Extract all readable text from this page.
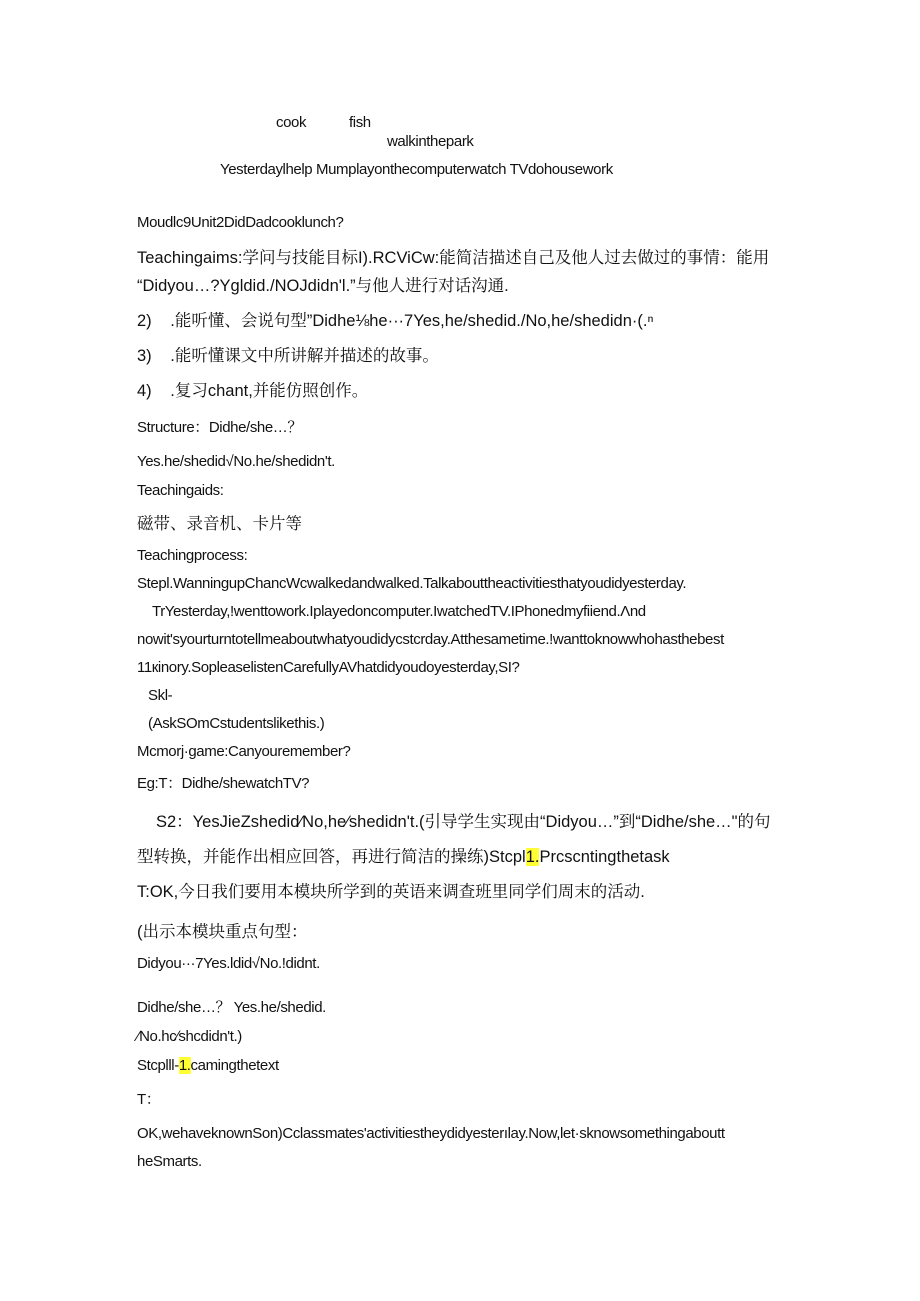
cook	fish
walkinthepark
Yesterdaylhelp Mumplayonthecomputerwatch TVdohousework
Moudlc9Unit2DidDadcooklunch?
Teachingaims:学问与技能目标I).RCViCw:能简洁描述自己及他人过去做过的事情：能用
“Didyou…?Ygldid./NOJdidn'l.”与他人进行对话沟通.
2) .能听懂、会说句型”Didhe⅛he···7Yes,he/shedid./No,he/shedidn·(.ⁿ
3) .能听懂课文中所讲解并描述的故事。
4) .复习chant,并能仿照创作。
Structure：Didhe/she…？
Yes.he/shedid√No.he/shedidn't.
Teachingaids:
磁带、录音机、卡片等
Teachingprocess:
Stepl.WanningupChancWcwalkedandwalked.Talkabouttheactivitiesthatyoudidyesterday.
TrYesterday,!wenttowork.Iplayedoncomputer.IwatchedTV.IPhonedmyfiiend.Λnd
nowit'syourturntotellmeaboutwhatyoudidycstcrday.Atthesametime.!wanttoknowwhohasthebest
11кinory.SopleaselistenCarefullyAVhatdidyoudoyesterday,SI?
Skl-
(AskSOmCstudentslikethis.)
Mcmorj·game:Canyouremember?
Eg:T：Didhe/shewatchTV?
S2：YesJieZshedid∕No,he∕shedidn't.(引导学生实现由“Didyou…”到“Didhe/she…"的句
型转换，并能作出相应回答，再进行简洁的操练)Stcpl1.Prcscntingthetask
T:OK,今日我们要用本模块所学到的英语来调查班里同学们周末的活动.
(出示本模块重点句型：
Didyou···7Yes.ldid√No.!didnt.
Didhe/she…？ Yes.he/shedid.
∕No.hc∕shcdidn't.)
Stcplll-1.camingthetext
T：
OK,wehaveknownSon)Cclassmates'activitiestheydidyesterılay.Now,let·sknowsomethingaboutt
heSmarts.
